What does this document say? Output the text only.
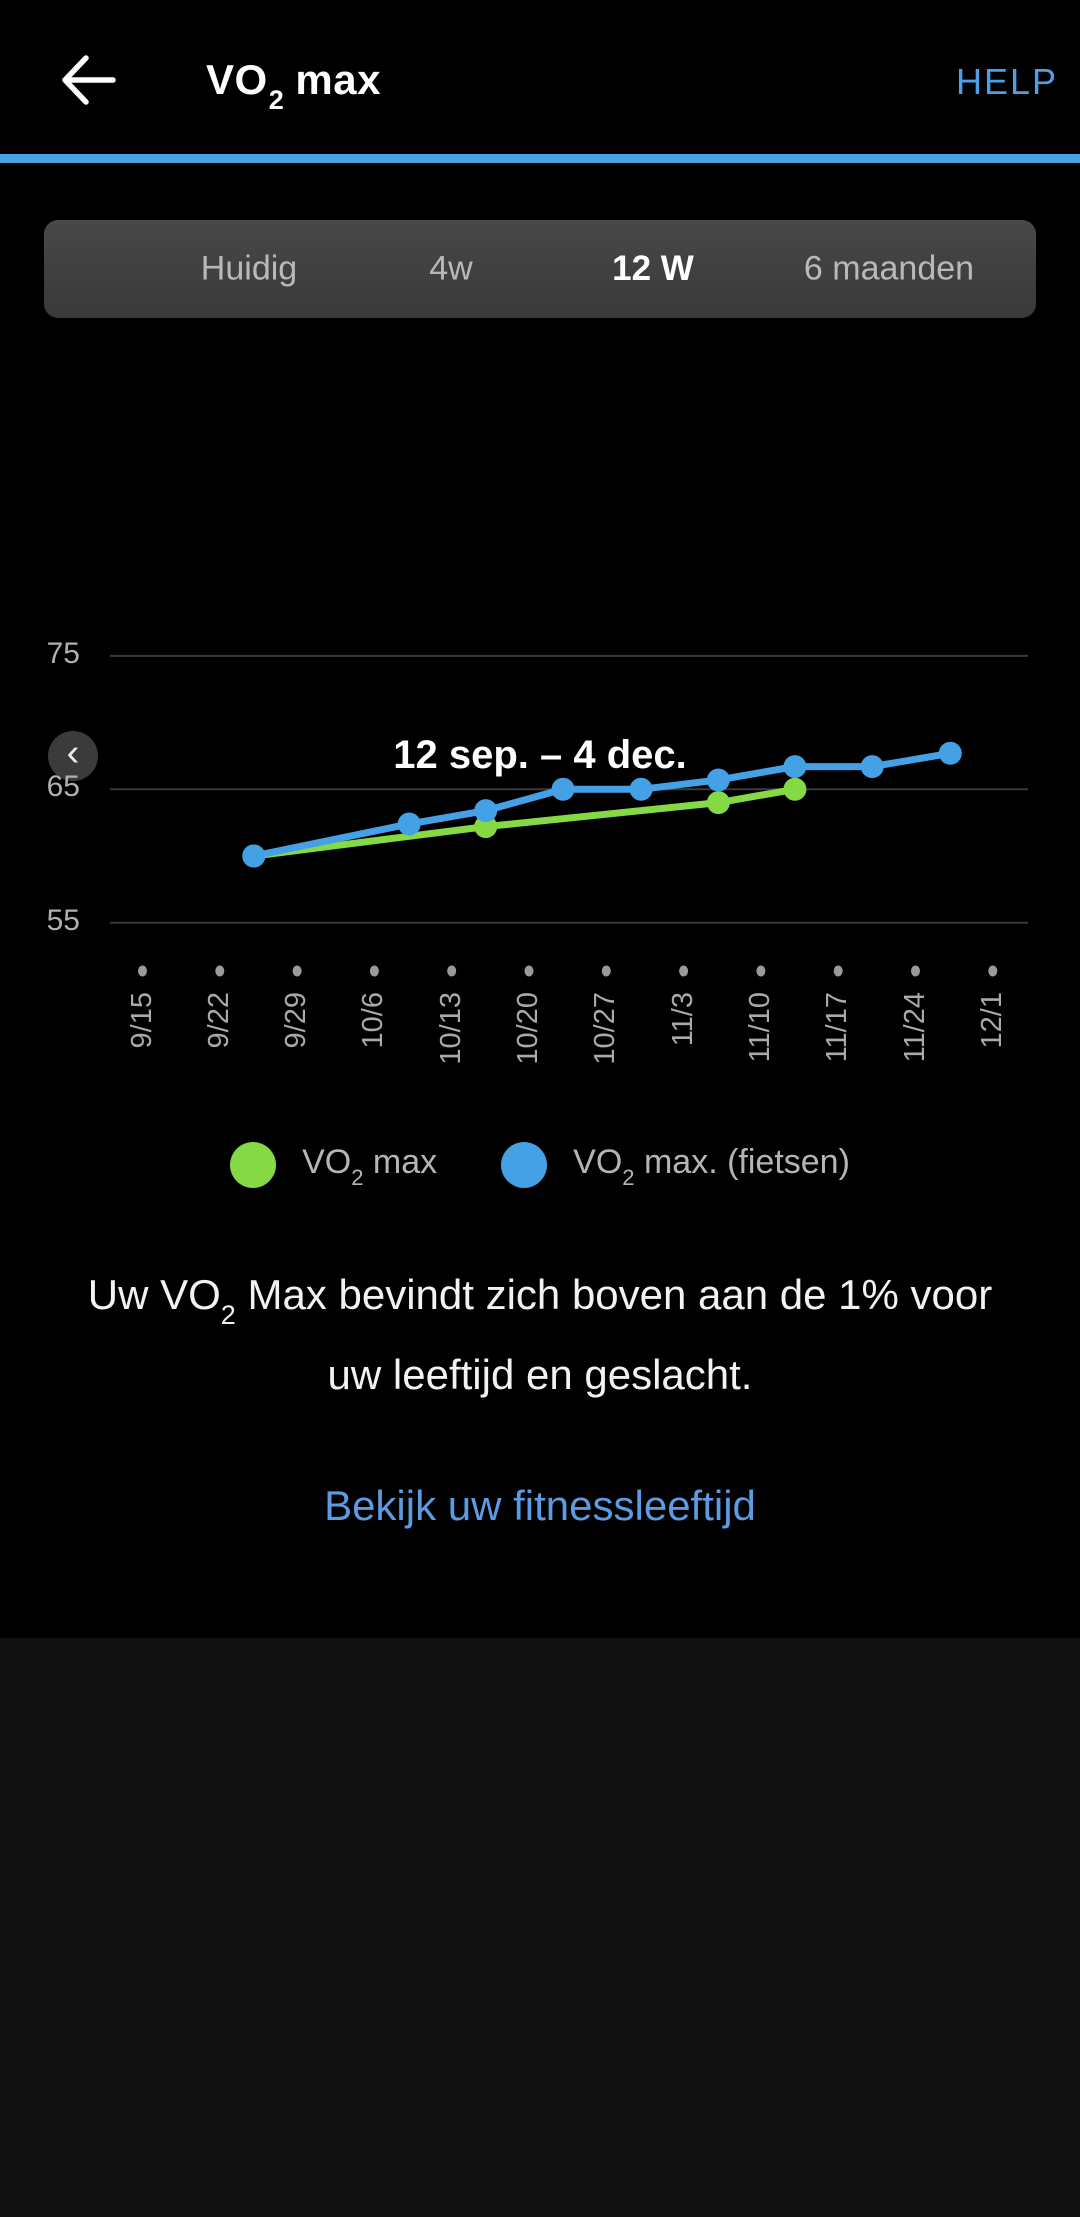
$VO_2$ max	HELP
Huidig	4w	12 W	6 maanden
‹	12 sep. – 4 dec.
75
65
55
9/15 9/22 9/29 10/6 10/13 10/20 10/27 11/3 11/10 11/17 11/24 12/1
$VO_2$ max	$VO_2$ max. (fietsen)
Uw $VO_2$ Max bevindt zich boven aan de 1% voor
uw leeftijd en geslacht.
Bekijk uw fitnessleeftijd
